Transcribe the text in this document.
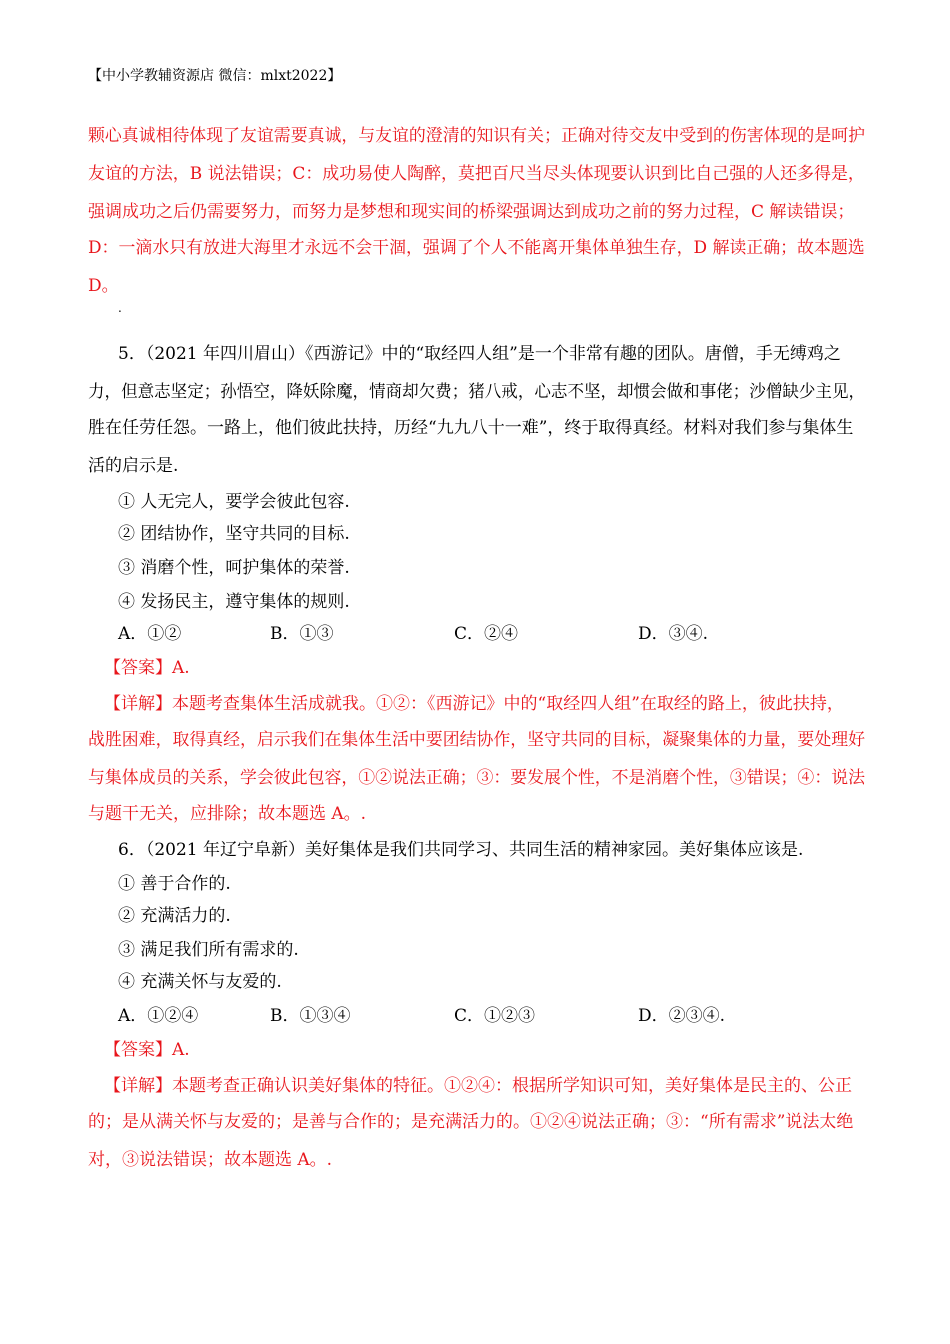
【中小学教辅资源店 微信：mlxt2022】
颗心真诚相待体现了友谊需要真诚，与友谊的澄清的知识有关；正确对待交友中受到的伤害体现的是呵护
友谊的方法，B 说法错误；C：成功易使人陶醉，莫把百尺当尽头体现要认识到比自己强的人还多得是，
强调成功之后仍需要努力，而努力是梦想和现实间的桥梁强调达到成功之前的努力过程，C 解读错误；
D：一滴水只有放进大海里才永远不会干涸，强调了个人不能离开集体单独生存，D 解读正确；故本题选
D。
.
5．（2021 年四川眉山）《西游记》中的“取经四人组”是一个非常有趣的团队。唐僧，手无缚鸡之
力，但意志坚定；孙悟空，降妖除魔，情商却欠费；猪八戒，心志不坚，却惯会做和事佬；沙僧缺少主见，
胜在任劳任怨。一路上，他们彼此扶持，历经“九九八十一难”，终于取得真经。材料对我们参与集体生
活的启示是.
① 人无完人，要学会彼此包容.
② 团结协作，坚守共同的目标.
③ 消磨个性，呵护集体的荣誉.
④ 发扬民主，遵守集体的规则.
A．①②	B．①③	C．②④	D．③④.
【答案】A.
【详解】本题考查集体生活成就我。①②：《西游记》中的“取经四人组”在取经的路上，彼此扶持，
战胜困难，取得真经，启示我们在集体生活中要团结协作，坚守共同的目标，凝聚集体的力量，要处理好
与集体成员的关系，学会彼此包容，①②说法正确；③：要发展个性，不是消磨个性，③错误；④：说法
与题干无关，应排除；故本题选 A。.
6．（2021 年辽宁阜新）美好集体是我们共同学习、共同生活的精神家园。美好集体应该是.
① 善于合作的.
② 充满活力的.
③ 满足我们所有需求的.
④ 充满关怀与友爱的.
A．①②④	B．①③④	C．①②③	D．②③④.
【答案】A.
【详解】本题考查正确认识美好集体的特征。①②④：根据所学知识可知，美好集体是民主的、公正
的；是从满关怀与友爱的；是善与合作的；是充满活力的。①②④说法正确；③：“所有需求”说法太绝
对，③说法错误；故本题选 A。.
